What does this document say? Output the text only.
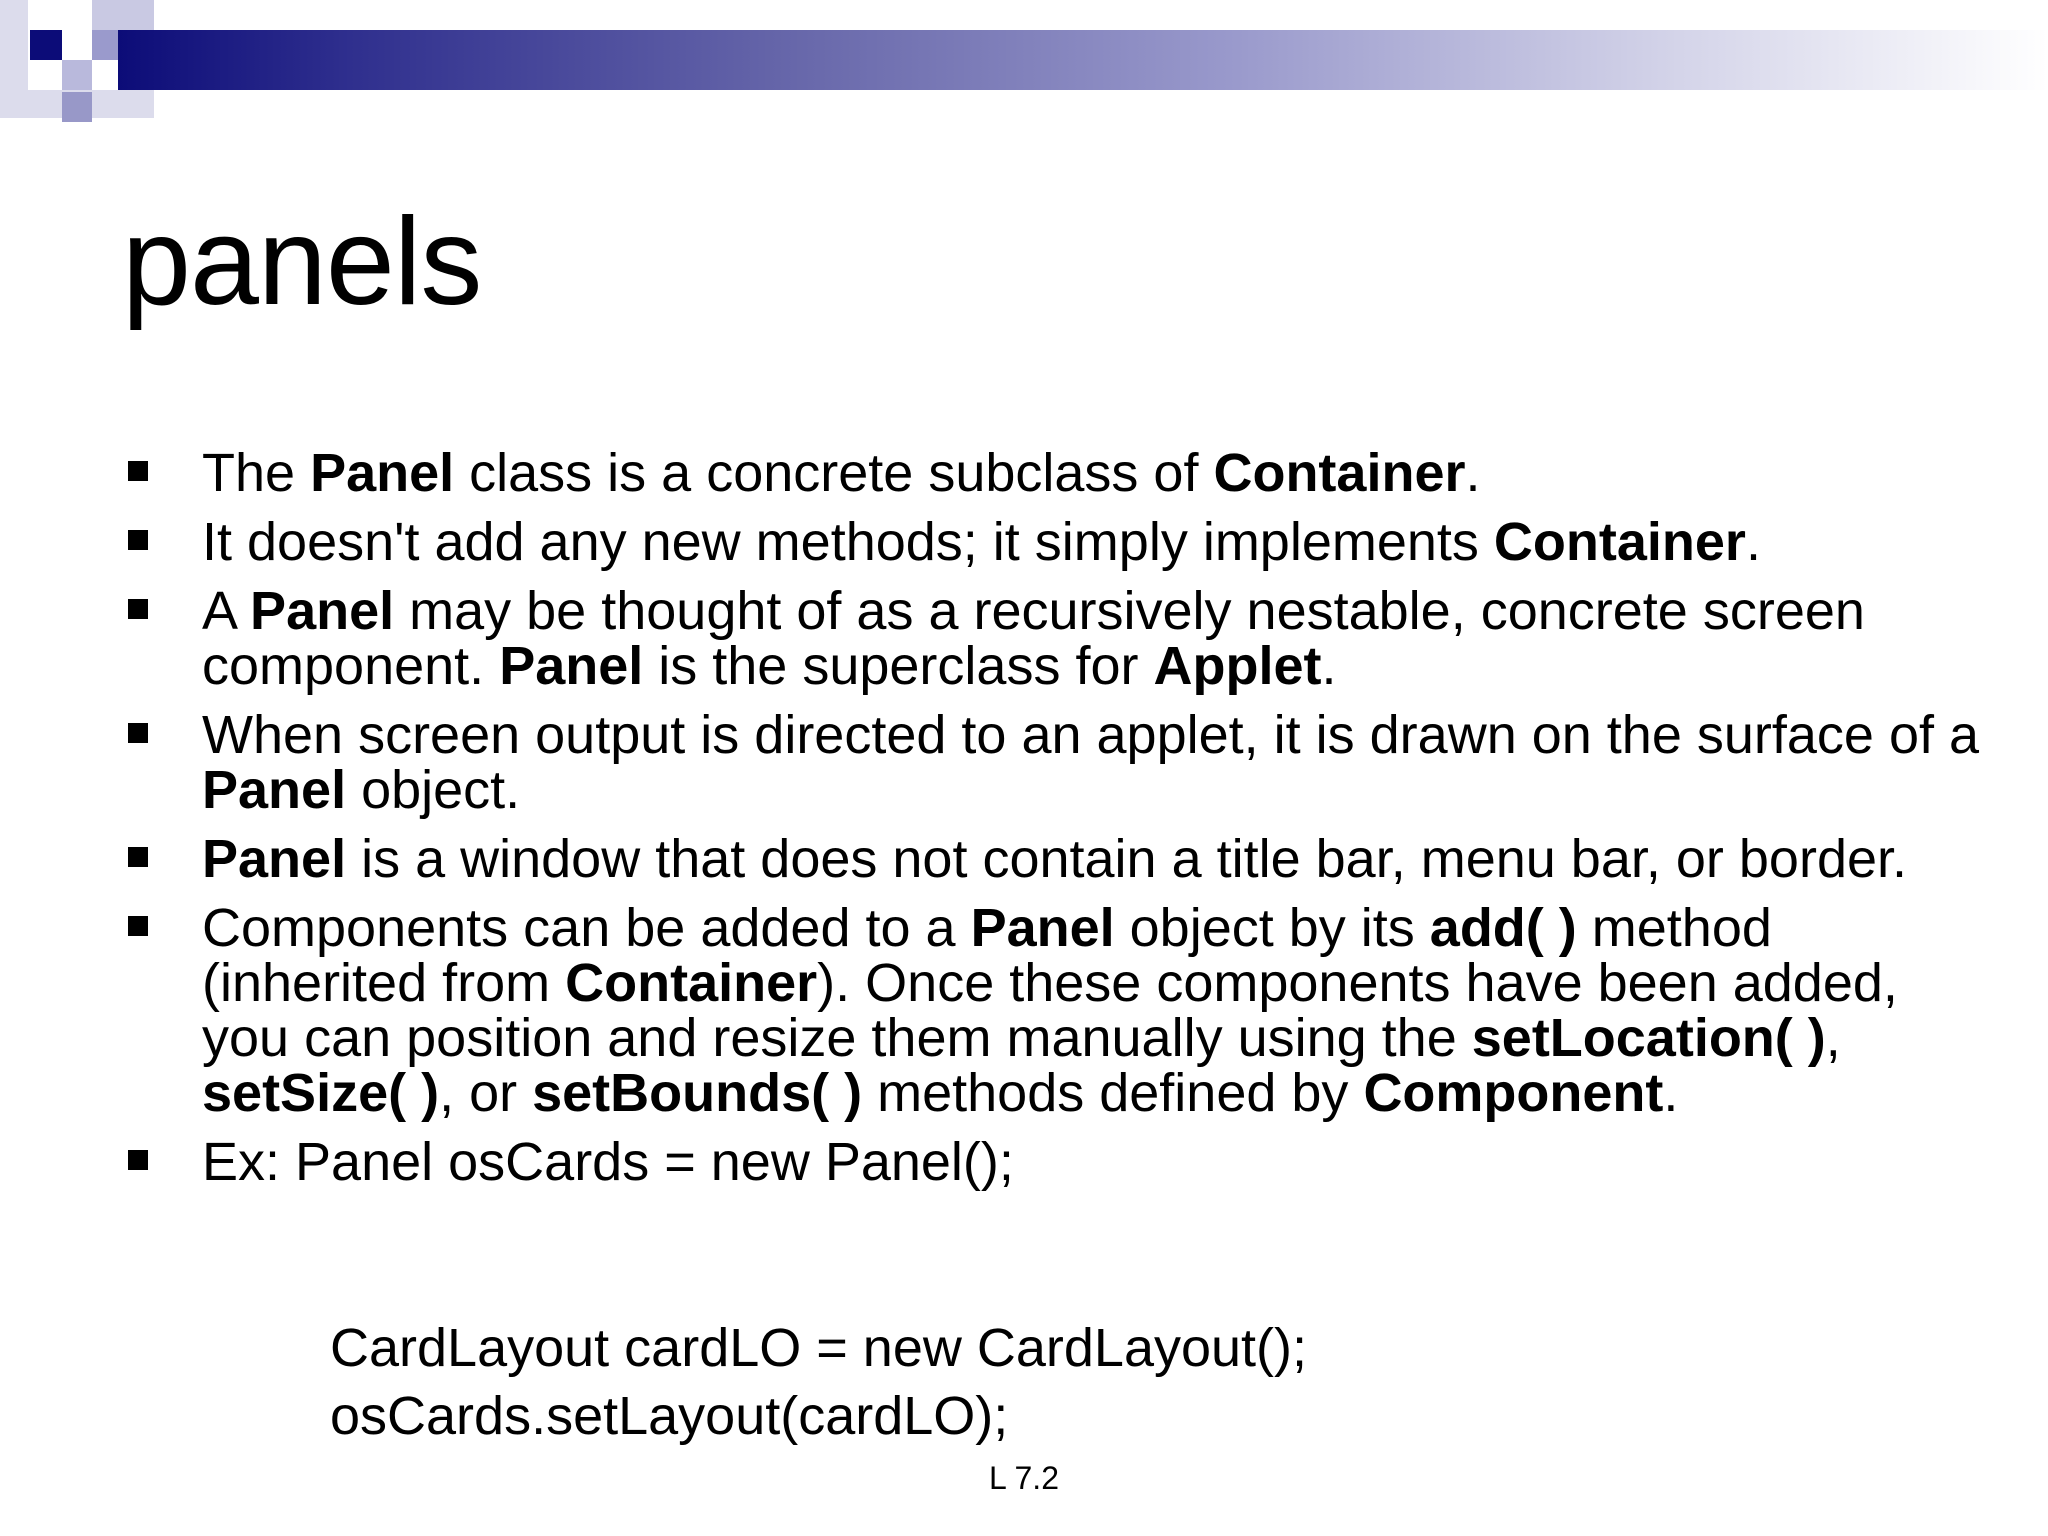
panels
The Panel class is a concrete subclass of Container.
It doesn't add any new methods; it simply implements Container.
A Panel may be thought of as a recursively nestable, concrete screen component. Panel is the superclass for Applet.
When screen output is directed to an applet, it is drawn on the surface of a Panel object.
Panel is a window that does not contain a title bar, menu bar, or border.
Components can be added to a Panel object by its add( ) method (inherited from Container). Once these components have been added, you can position and resize them manually using the setLocation( ), setSize( ), or setBounds( ) methods defined by Component.
Ex: Panel osCards = new Panel();
CardLayout cardLO = new CardLayout();
osCards.setLayout(cardLO);
L 7.2
